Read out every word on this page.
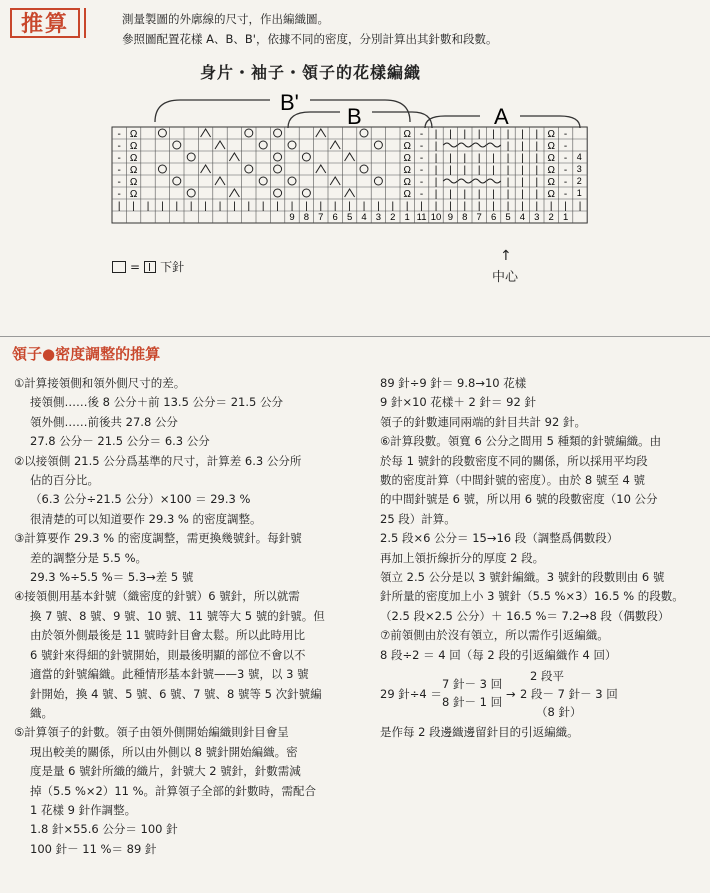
推算	測量製圖的外廓線的尺寸，作出編織圖。
參照圖配置花樣 A、B、B'，依據不同的密度，分別計算出其針數和段數。
身片・袖子・領子的花樣編織
B'
B	A
- Ω	Ω - | | | | | | | | Ω -
- Ω	Ω - |	| | | Ω -
- Ω	Ω - | | | | | | | | Ω -
- Ω	Ω - | | | | | | | | Ω -
- Ω	Ω - |	| | | Ω -
- Ω	Ω - | | | | | | | | Ω -
| | | | | | | | | | | | | | | | | | | | | | | | | | | | | | | | |
4
3
2
1
9 8 7 6 5 4 3 2 1 11 10 9 8 7 6 5 4 3 2 1
= 下針
↑
中心
領子●密度調整的推算

①計算接領側和領外側尺寸的差。

接領側……後 8 公分＋前 13.5 公分＝ 21.5 公分

領外側……前後共 27.8 公分

27.8 公分－ 21.5 公分＝ 6.3 公分

②以接領側 21.5 公分爲基準的尺寸，計算差 6.3 公分所

佔的百分比。

（6.3 公分÷21.5 公分）×100 ＝ 29.3 %

很清楚的可以知道要作 29.3 % 的密度調整。

③計算要作 29.3 % 的密度調整，需更換幾號針。每針號

差的調整分是 5.5 %。

29.3 %÷5.5 %＝ 5.3→差 5 號

④接領側用基本針號（織密度的針號）6 號針，所以就需

換 7 號、8 號、9 號、10 號、11 號等大 5 號的針號。但

由於領外側最後是 11 號時針目會太鬆。所以此時用比

6 號針來得細的針號開始，則最後明顯的部位不會以不

適當的針號編織。此種情形基本針號——3 號，以 3 號

針開始，換 4 號、5 號、6 號、7 號、8 號等 5 次針號編

織。

⑤計算領子的針數。領子由領外側開始編織則針目會呈

現出較美的關係，所以由外側以 8 號針開始編織。密

度是量 6 號針所織的織片，針號大 2 號針，針數需減

掉（5.5 %×2）11 %。計算領子全部的針數時，需配合

1 花樣 9 針作調整。

1.8 針×55.6 公分＝ 100 針

100 針－ 11 %＝ 89 針

89 針÷9 針＝ 9.8→10 花樣

9 針×10 花樣＋ 2 針＝ 92 針

領子的針數連同兩端的針目共計 92 針。

⑥計算段數。領寬 6 公分之間用 5 種類的針號編織。由

於每 1 號針的段數密度不同的關係，所以採用平均段

數的密度計算（中間針號的密度）。由於 8 號至 4 號

的中間針號是 6 號，所以用 6 號的段數密度（10 公分

25 段）計算。

2.5 段×6 公分＝ 15→16 段（調整爲偶數段）

再加上領折線折分的厚度 2 段。

領立 2.5 公分是以 3 號針編織。3 號針的段數則由 6 號

針所量的密度加上小 3 號針（5.5 %×3）16.5 % 的段數。

（2.5 段×2.5 公分）＋ 16.5 %＝ 7.2→8 段（偶數段）

⑦前領側由於沒有領立，所以需作引返編織。

8 段÷2 ＝ 4 回（每 2 段的引返編織作 4 回）

29 針÷4 ＝
7 針－ 3 回
8 針－ 1 回
→
2 段平
2 段－ 7 針－ 3 回
（8 針）

是作每 2 段邊織邊留針目的引返編織。
